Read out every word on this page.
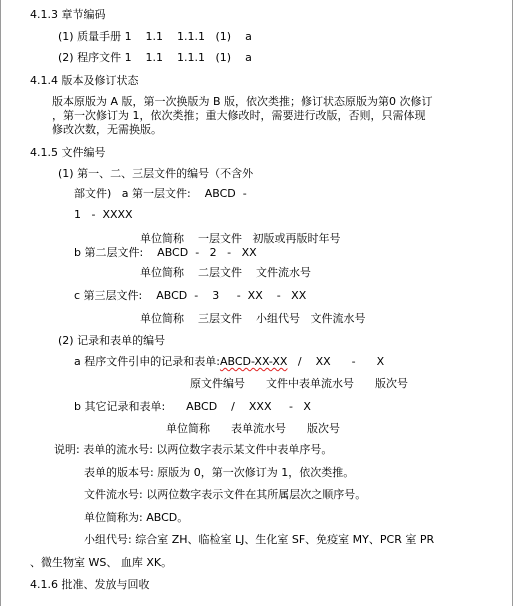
4.1.3 章节编码
(1) 质量手册 1    1.1    1.1.1   (1)    a
(2) 程序文件 1    1.1    1.1.1   (1)    a
4.1.4 版本及修订状态
版本原版为 A 版，第一次换版为 B 版，依次类推；修订状态原版为第0 次修订
，第一次修订为 1，依次类推；重大修改时，需要进行改版，否则，只需体现
修改次数，无需换版。
4.1.5 文件编号
(1) 第一、二、三层文件的编号（不含外
部文件)   a 第一层文件:    ABCD  -
1   -  XXXX
单位简称    一层文件   初版或再版时年号
b 第二层文件:    ABCD  -   2   -   XX
单位简称    二层文件    文件流水号
c 第三层文件:    ABCD  -    3     -  XX    -   XX
单位简称    三层文件    小组代号   文件流水号
(2) 记录和表单的编号
a 程序文件引申的记录和表单:ABCD-XX-XX   /    XX      -      X
原文件编号      文件中表单流水号      版次号
b 其它记录和表单:      ABCD    /    XXX     -   X
单位简称      表单流水号      版次号
说明: 表单的流水号: 以两位数字表示某文件中表单序号。
表单的版本号: 原版为 0，第一次修订为 1，依次类推。
文件流水号: 以两位数字表示文件在其所属层次之顺序号。
单位简称为: ABCD。
小组代号: 综合室 ZH、临检室 LJ、生化室 SF、免疫室 MY、PCR 室 PR
、微生物室 WS、 血库 XK。
4.1.6 批准、发放与回收
